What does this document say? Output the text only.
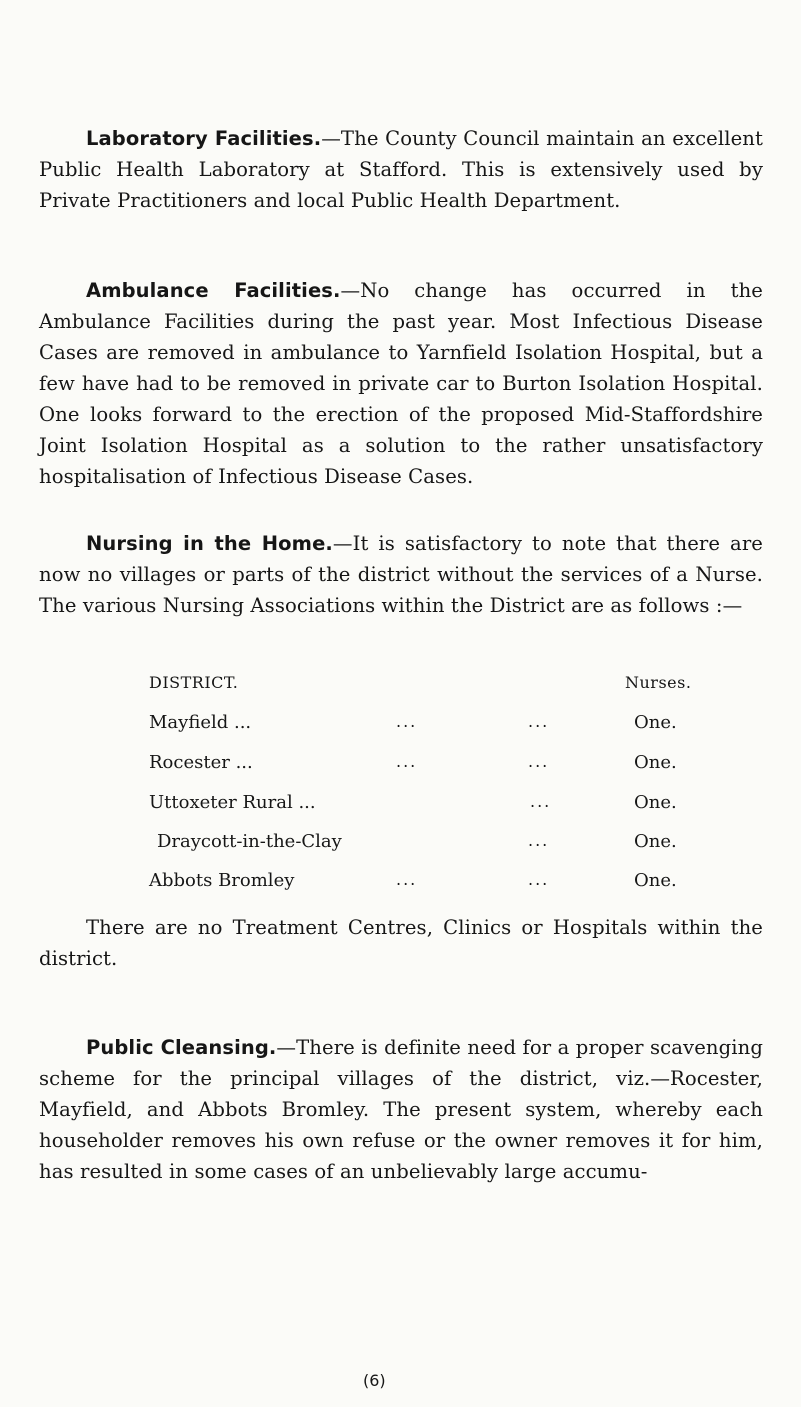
Laboratory Facilities.—The County Council maintain an excellent Public Health Laboratory at Stafford. This is extensively used by Private Practitioners and local Public Health Department.
Ambulance Facilities.—No change has occurred in the Ambulance Facilities during the past year. Most Infectious Disease Cases are removed in ambulance to Yarnfield Isolation Hospital, but a few have had to be removed in private car to Burton Isolation Hospital. One looks forward to the erection of the proposed Mid-Staffordshire Joint Isolation Hospital as a solution to the rather unsatisfactory hospitalisation of Infectious Disease Cases.
Nursing in the Home.—It is satisfactory to note that there are now no villages or parts of the district without the services of a Nurse. The various Nursing Associations within the District are as follows :—
DISTRICT.	Nurses.
Mayfield ...	...	...	One.
Rocester ...	...	...	One.
Uttoxeter Rural ...	...	One.
Draycott-in-the-Clay	...	One.
Abbots Bromley	...	...	One.
There are no Treatment Centres, Clinics or Hospitals within the district.
Public Cleansing.—There is definite need for a proper scavenging scheme for the principal villages of the district, viz.—Rocester, Mayfield, and Abbots Bromley. The present system, whereby each householder removes his own refuse or the owner removes it for him, has resulted in some cases of an unbelievably large accumu-
(6)
